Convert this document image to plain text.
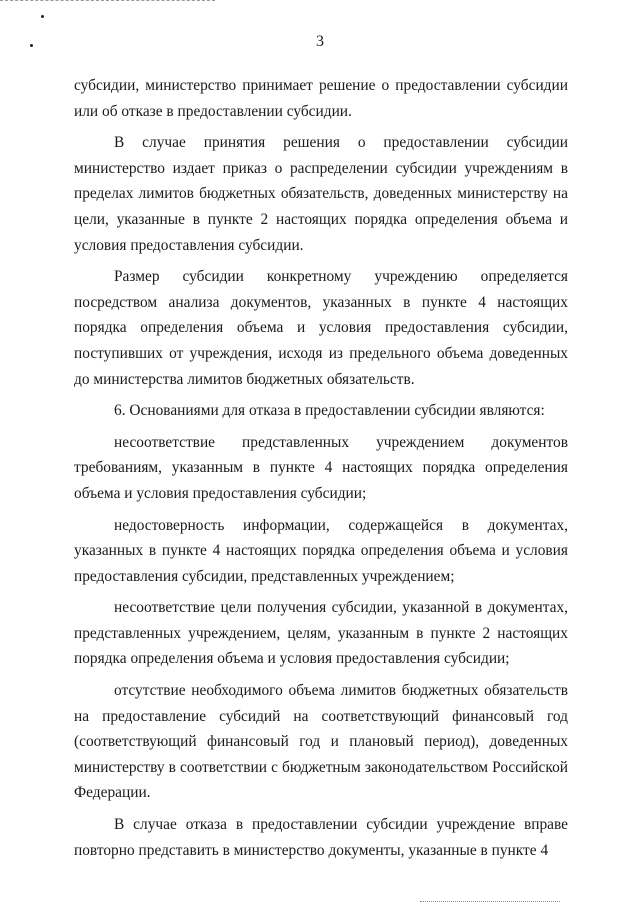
3

субсидии, министерство принимает решение о предоставлении субсидии или об отказе в предоставлении субсидии.

В случае принятия решения о предоставлении субсидии министерство издает приказ о распределении субсидии учреждениям в пределах лимитов бюджетных обязательств, доведенных министерству на цели, указанные в пункте 2 настоящих порядка определения объема и условия предоставления субсидии.

Размер субсидии конкретному учреждению определяется посредством анализа документов, указанных в пункте 4 настоящих порядка определения объема и условия предоставления субсидии, поступивших от учреждения, исходя из предельного объема доведенных до министерства лимитов бюджетных обязательств.

6. Основаниями для отказа в предоставлении субсидии являются:

несоответствие представленных учреждением документов требованиям, указанным в пункте 4 настоящих порядка определения объема и условия предоставления субсидии;

недостоверность информации, содержащейся в документах, указанных в пункте 4 настоящих порядка определения объема и условия предоставления субсидии, представленных учреждением;

несоответствие цели получения субсидии, указанной в документах, представленных учреждением, целям, указанным в пункте 2 настоящих порядка определения объема и условия предоставления субсидии;

отсутствие необходимого объема лимитов бюджетных обязательств на предоставление субсидий на соответствующий финансовый год (соответствующий финансовый год и плановый период), доведенных министерству в соответствии с бюджетным законодательством Российской Федерации.

В случае отказа в предоставлении субсидии учреждение вправе повторно представить в министерство документы, указанные в пункте 4
